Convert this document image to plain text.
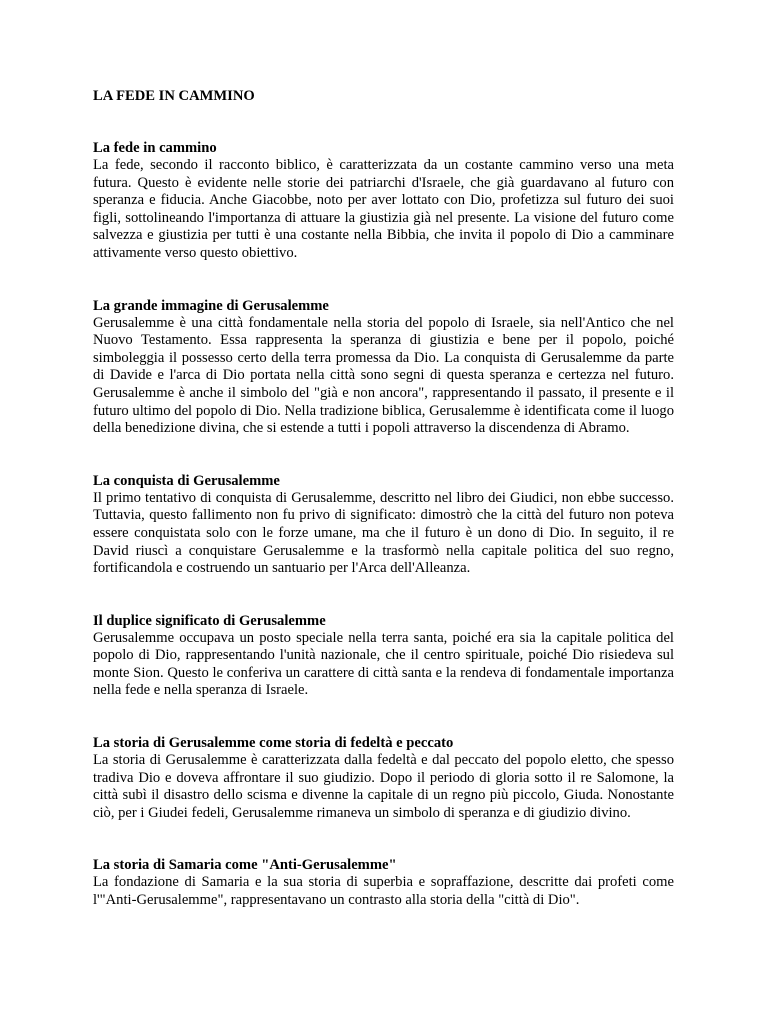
LA FEDE IN CAMMINO

La fede in cammino

La fede, secondo il racconto biblico, è caratterizzata da un costante cammino verso una meta futura. Questo è evidente nelle storie dei patriarchi d'Israele, che già guardavano al futuro con speranza e fiducia. Anche Giacobbe, noto per aver lottato con Dio, profetizza sul futuro dei suoi figli, sottolineando l'importanza di attuare la giustizia già nel presente. La visione del futuro come salvezza e giustizia per tutti è una costante nella Bibbia, che invita il popolo di Dio a camminare attivamente verso questo obiettivo.

La grande immagine di Gerusalemme

Gerusalemme è una città fondamentale nella storia del popolo di Israele, sia nell'Antico che nel Nuovo Testamento. Essa rappresenta la speranza di giustizia e bene per il popolo, poiché simboleggia il possesso certo della terra promessa da Dio. La conquista di Gerusalemme da parte di Davide e l'arca di Dio portata nella città sono segni di questa speranza e certezza nel futuro. Gerusalemme è anche il simbolo del "già e non ancora", rappresentando il passato, il presente e il futuro ultimo del popolo di Dio. Nella tradizione biblica, Gerusalemme è identificata come il luogo della benedizione divina, che si estende a tutti i popoli attraverso la discendenza di Abramo.

La conquista di Gerusalemme

Il primo tentativo di conquista di Gerusalemme, descritto nel libro dei Giudici, non ebbe successo. Tuttavia, questo fallimento non fu privo di significato: dimostrò che la città del futuro non poteva essere conquistata solo con le forze umane, ma che il futuro è un dono di Dio. In seguito, il re David riuscì a conquistare Gerusalemme e la trasformò nella capitale politica del suo regno, fortificandola e costruendo un santuario per l'Arca dell'Alleanza.

Il duplice significato di Gerusalemme

Gerusalemme occupava un posto speciale nella terra santa, poiché era sia la capitale politica del popolo di Dio, rappresentando l'unità nazionale, che il centro spirituale, poiché Dio risiedeva sul monte Sion. Questo le conferiva un carattere di città santa e la rendeva di fondamentale importanza nella fede e nella speranza di Israele.

La storia di Gerusalemme come storia di fedeltà e peccato

La storia di Gerusalemme è caratterizzata dalla fedeltà e dal peccato del popolo eletto, che spesso tradiva Dio e doveva affrontare il suo giudizio. Dopo il periodo di gloria sotto il re Salomone, la città subì il disastro dello scisma e divenne la capitale di un regno più piccolo, Giuda. Nonostante ciò, per i Giudei fedeli, Gerusalemme rimaneva un simbolo di speranza e di giudizio divino.

La storia di Samaria come "Anti-Gerusalemme"

La fondazione di Samaria e la sua storia di superbia e sopraffazione, descritte dai profeti come l'"Anti-Gerusalemme", rappresentavano un contrasto alla storia della "città di Dio".
